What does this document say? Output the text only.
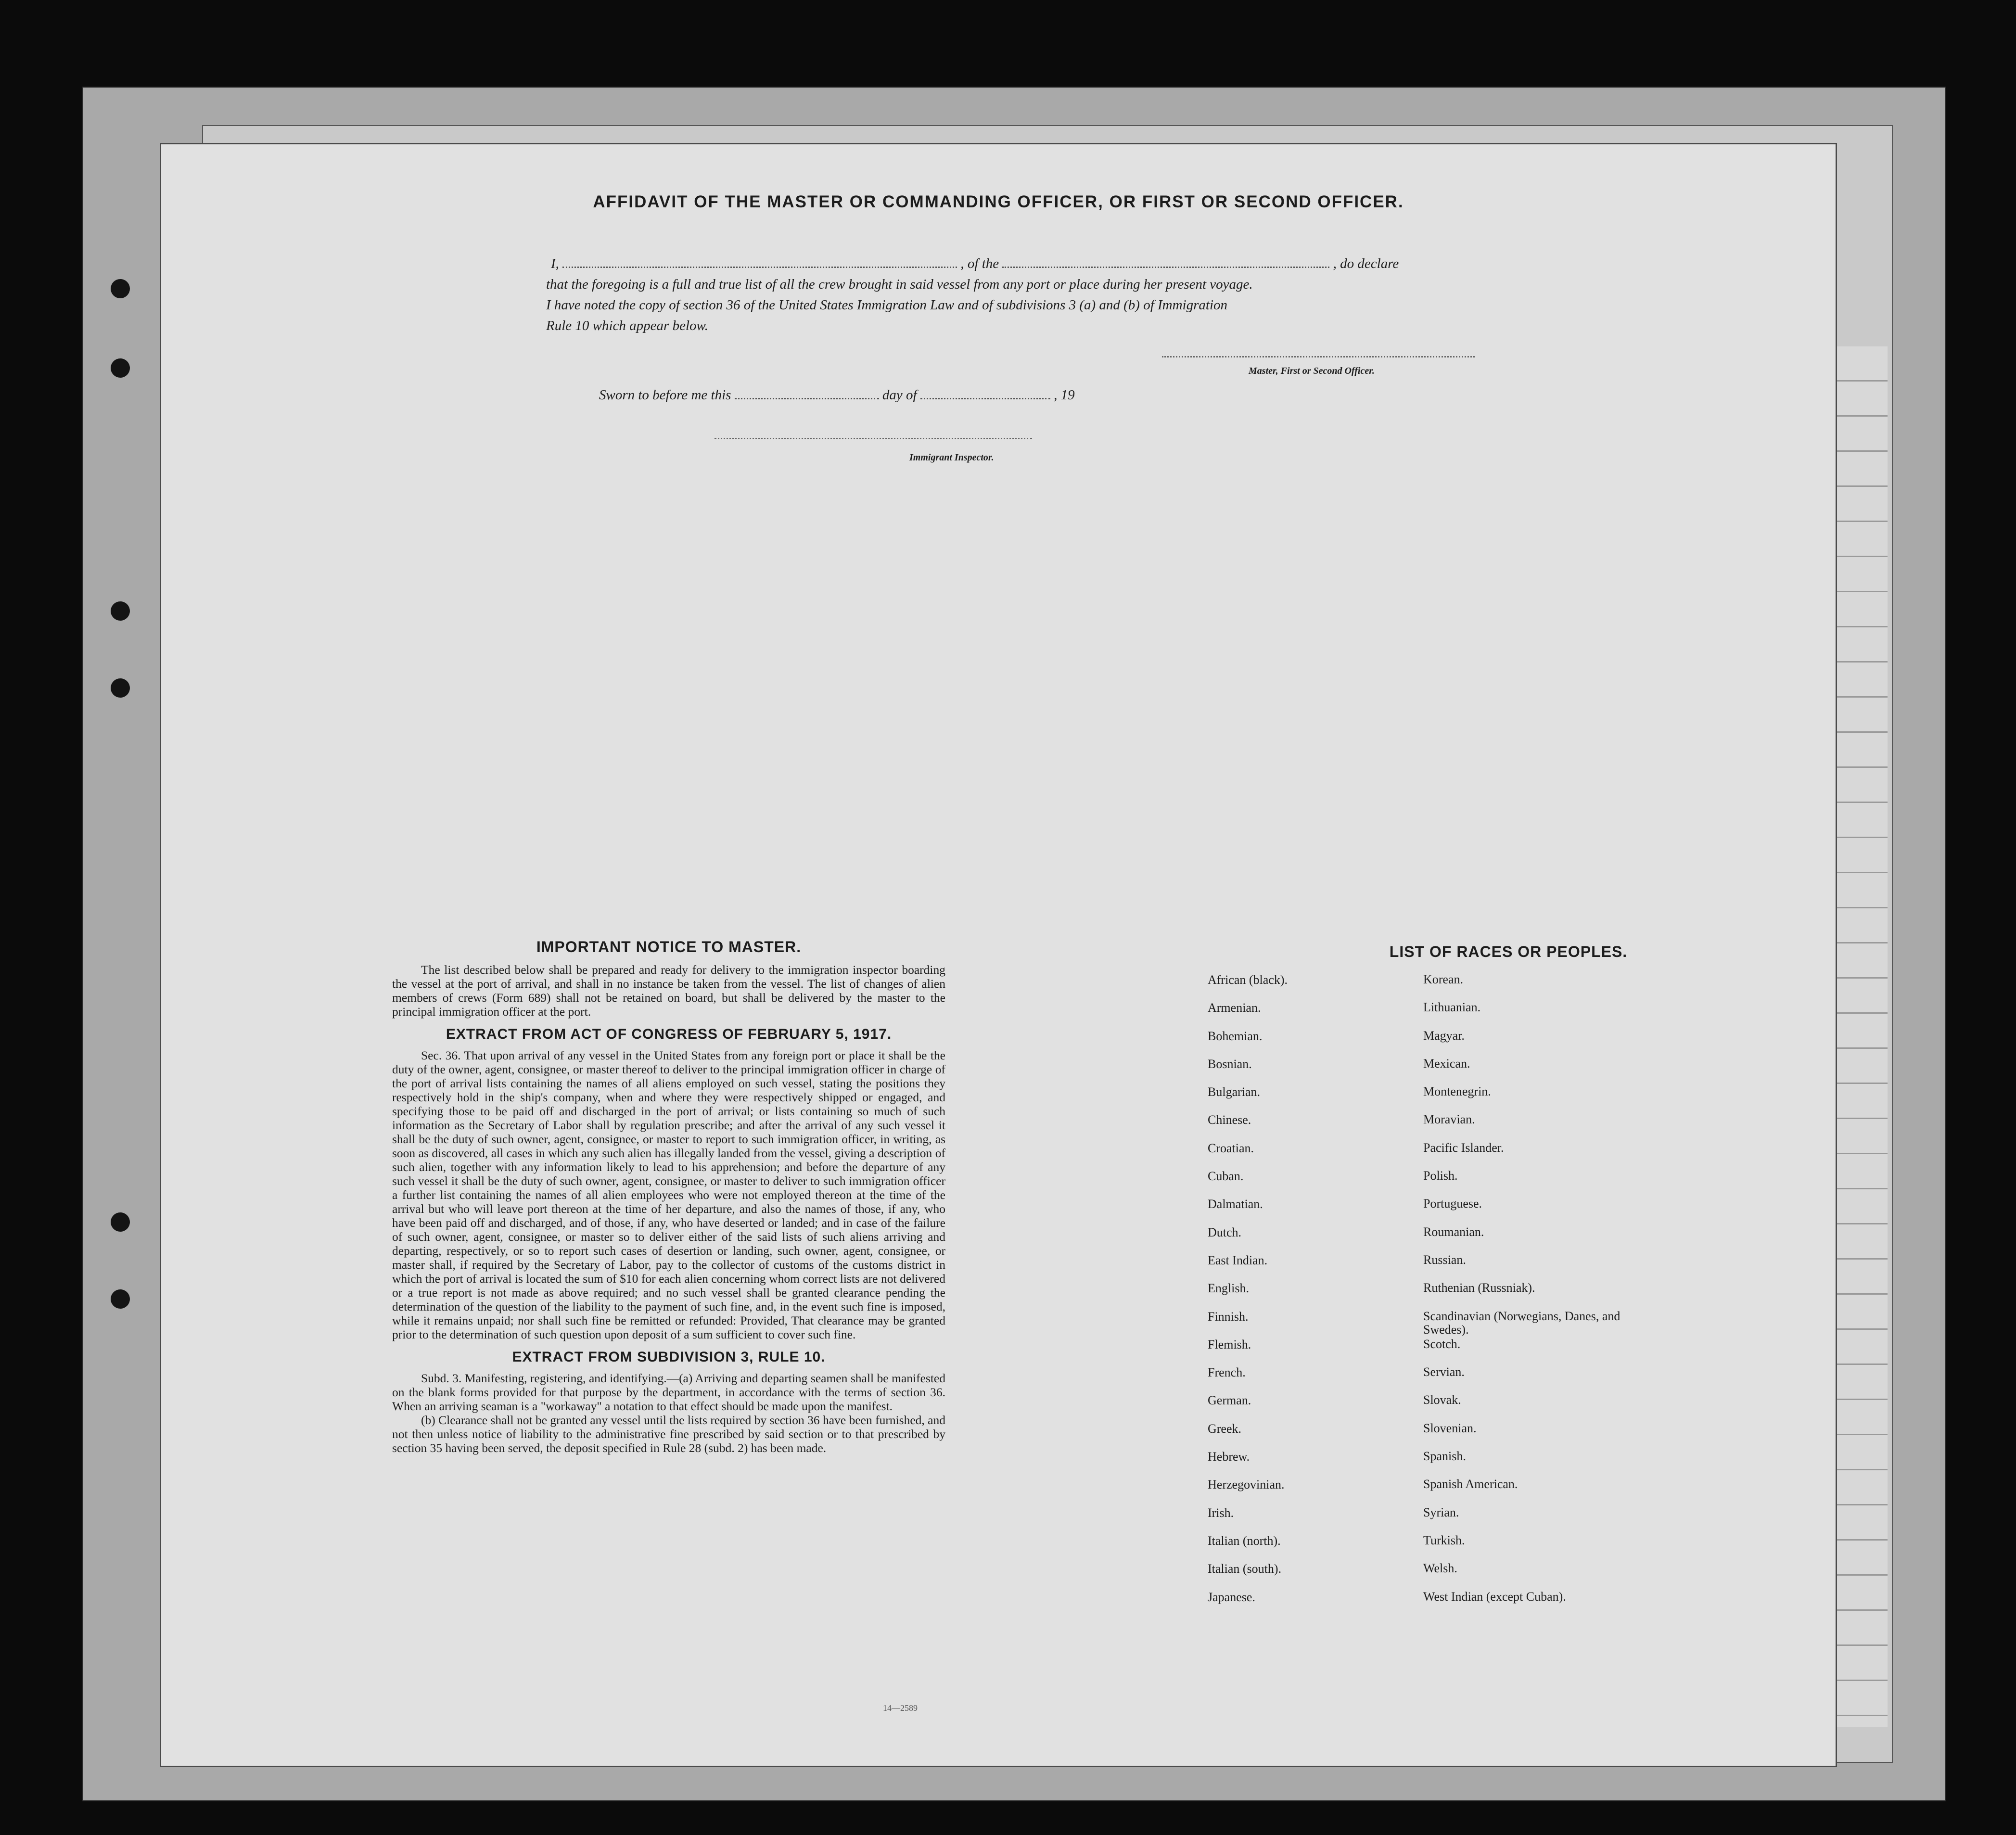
AFFIDAVIT OF THE MASTER OR COMMANDING OFFICER, OR FIRST OR SECOND OFFICER.
I,	, of the	, do declare
that the foregoing is a full and true list of all the crew brought in said vessel from any port or place during her present voyage.
I have noted the copy of section 36 of the United States Immigration Law and of subdivisions 3 (a) and (b) of Immigration
Rule 10 which appear below.
Master, First or Second Officer.
Sworn to before me this	day of	, 19
Immigrant Inspector.
IMPORTANT NOTICE TO MASTER.
The list described below shall be prepared and ready for delivery to the immigration inspector boarding the vessel at the port of arrival, and shall in no instance be taken from the vessel. The list of changes of alien members of crews (Form 689) shall not be retained on board, but shall be delivered by the master to the principal immigration officer at the port.
EXTRACT FROM ACT OF CONGRESS OF FEBRUARY 5, 1917.
Sec. 36. That upon arrival of any vessel in the United States from any foreign port or place it shall be the duty of the owner, agent, consignee, or master thereof to deliver to the principal immigration officer in charge of the port of arrival lists containing the names of all aliens employed on such vessel, stating the positions they respectively hold in the ship's company, when and where they were respectively shipped or engaged, and specifying those to be paid off and discharged in the port of arrival; or lists containing so much of such information as the Secretary of Labor shall by regulation prescribe; and after the arrival of any such vessel it shall be the duty of such owner, agent, consignee, or master to report to such immigration officer, in writing, as soon as discovered, all cases in which any such alien has illegally landed from the vessel, giving a description of such alien, together with any information likely to lead to his apprehension; and before the departure of any such vessel it shall be the duty of such owner, agent, consignee, or master to deliver to such immigration officer a further list containing the names of all alien employees who were not employed thereon at the time of the arrival but who will leave port thereon at the time of her departure, and also the names of those, if any, who have been paid off and discharged, and of those, if any, who have deserted or landed; and in case of the failure of such owner, agent, consignee, or master so to deliver either of the said lists of such aliens arriving and departing, respectively, or so to report such cases of desertion or landing, such owner, agent, consignee, or master shall, if required by the Secretary of Labor, pay to the collector of customs of the customs district in which the port of arrival is located the sum of $10 for each alien concerning whom correct lists are not delivered or a true report is not made as above required; and no such vessel shall be granted clearance pending the determination of the question of the liability to the payment of such fine, and, in the event such fine is imposed, while it remains unpaid; nor shall such fine be remitted or refunded: Provided, That clearance may be granted prior to the determination of such question upon deposit of a sum sufficient to cover such fine.
EXTRACT FROM SUBDIVISION 3, RULE 10.
Subd. 3. Manifesting, registering, and identifying.—(a) Arriving and departing seamen shall be manifested on the blank forms provided for that purpose by the department, in accordance with the terms of section 36. When an arriving seaman is a "workaway" a notation to that effect should be made upon the manifest.
(b) Clearance shall not be granted any vessel until the lists required by section 36 have been furnished, and not then unless notice of liability to the administrative fine prescribed by said section or to that prescribed by section 35 having been served, the deposit specified in Rule 28 (subd. 2) has been made.
LIST OF RACES OR PEOPLES.
African (black).	Korean.
Armenian.	Lithuanian.
Bohemian.	Magyar.
Bosnian.	Mexican.
Bulgarian.	Montenegrin.
Chinese.	Moravian.
Croatian.	Pacific Islander.
Cuban.	Polish.
Dalmatian.	Portuguese.
Dutch.	Roumanian.
East Indian.	Russian.
English.	Ruthenian (Russniak).
Finnish.	Scandinavian (Norwegians, Danes, and Swedes).
Flemish.	Scotch.
French.	Servian.
German.	Slovak.
Greek.	Slovenian.
Hebrew.	Spanish.
Herzegovinian.	Spanish American.
Irish.	Syrian.
Italian (north).	Turkish.
Italian (south).	Welsh.
Japanese.	West Indian (except Cuban).
14—2589
